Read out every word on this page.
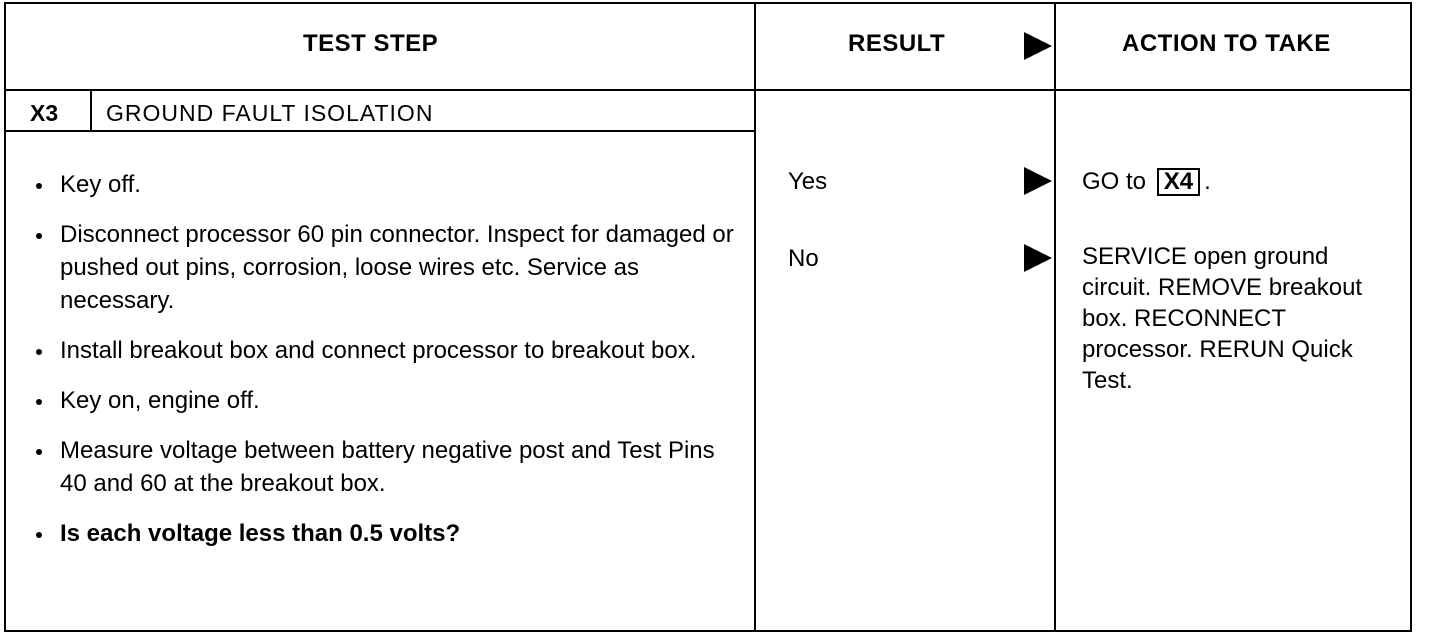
TEST STEP	RESULT	ACTION TO TAKE
X3 GROUND FAULT ISOLATION
Key off.
Disconnect processor 60 pin connector. Inspect for damaged or pushed out pins, corrosion, loose wires etc. Service as necessary.
Install breakout box and connect processor to breakout box.
Key on, engine off.
Measure voltage between battery negative post and Test Pins 40 and 60 at the breakout box.
Is each voltage less than 0.5 volts?
Yes	GO to X4 .
No	SERVICE open ground circuit. REMOVE breakout box. RECONNECT processor. RERUN Quick Test.
